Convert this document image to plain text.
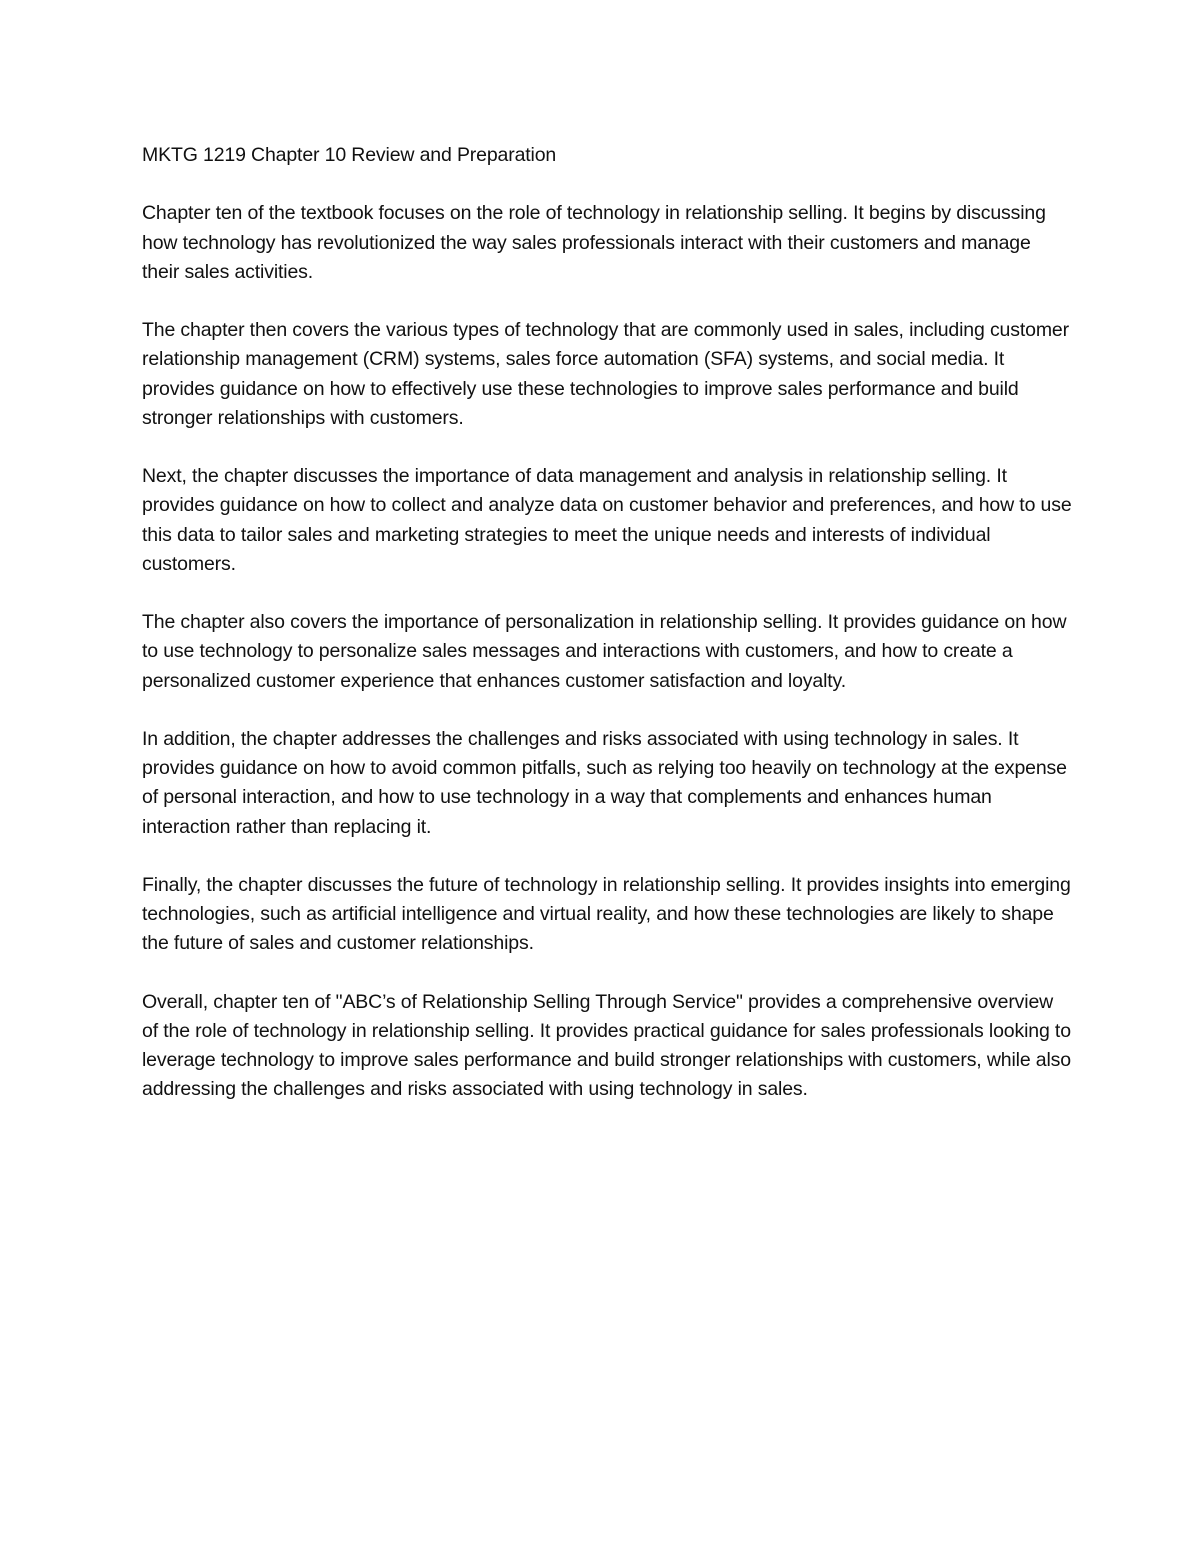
MKTG 1219 Chapter 10 Review and Preparation

Chapter ten of the textbook focuses on the role of technology in relationship selling. It begins by discussing how technology has revolutionized the way sales professionals interact with their customers and manage their sales activities.

The chapter then covers the various types of technology that are commonly used in sales, including customer relationship management (CRM) systems, sales force automation (SFA) systems, and social media. It provides guidance on how to effectively use these technologies to improve sales performance and build stronger relationships with customers.

Next, the chapter discusses the importance of data management and analysis in relationship selling. It provides guidance on how to collect and analyze data on customer behavior and preferences, and how to use this data to tailor sales and marketing strategies to meet the unique needs and interests of individual customers.

The chapter also covers the importance of personalization in relationship selling. It provides guidance on how to use technology to personalize sales messages and interactions with customers, and how to create a personalized customer experience that enhances customer satisfaction and loyalty.

In addition, the chapter addresses the challenges and risks associated with using technology in sales. It provides guidance on how to avoid common pitfalls, such as relying too heavily on technology at the expense of personal interaction, and how to use technology in a way that complements and enhances human interaction rather than replacing it.

Finally, the chapter discusses the future of technology in relationship selling. It provides insights into emerging technologies, such as artificial intelligence and virtual reality, and how these technologies are likely to shape the future of sales and customer relationships.

Overall, chapter ten of "ABC’s of Relationship Selling Through Service" provides a comprehensive overview of the role of technology in relationship selling. It provides practical guidance for sales professionals looking to leverage technology to improve sales performance and build stronger relationships with customers, while also addressing the challenges and risks associated with using technology in sales.
